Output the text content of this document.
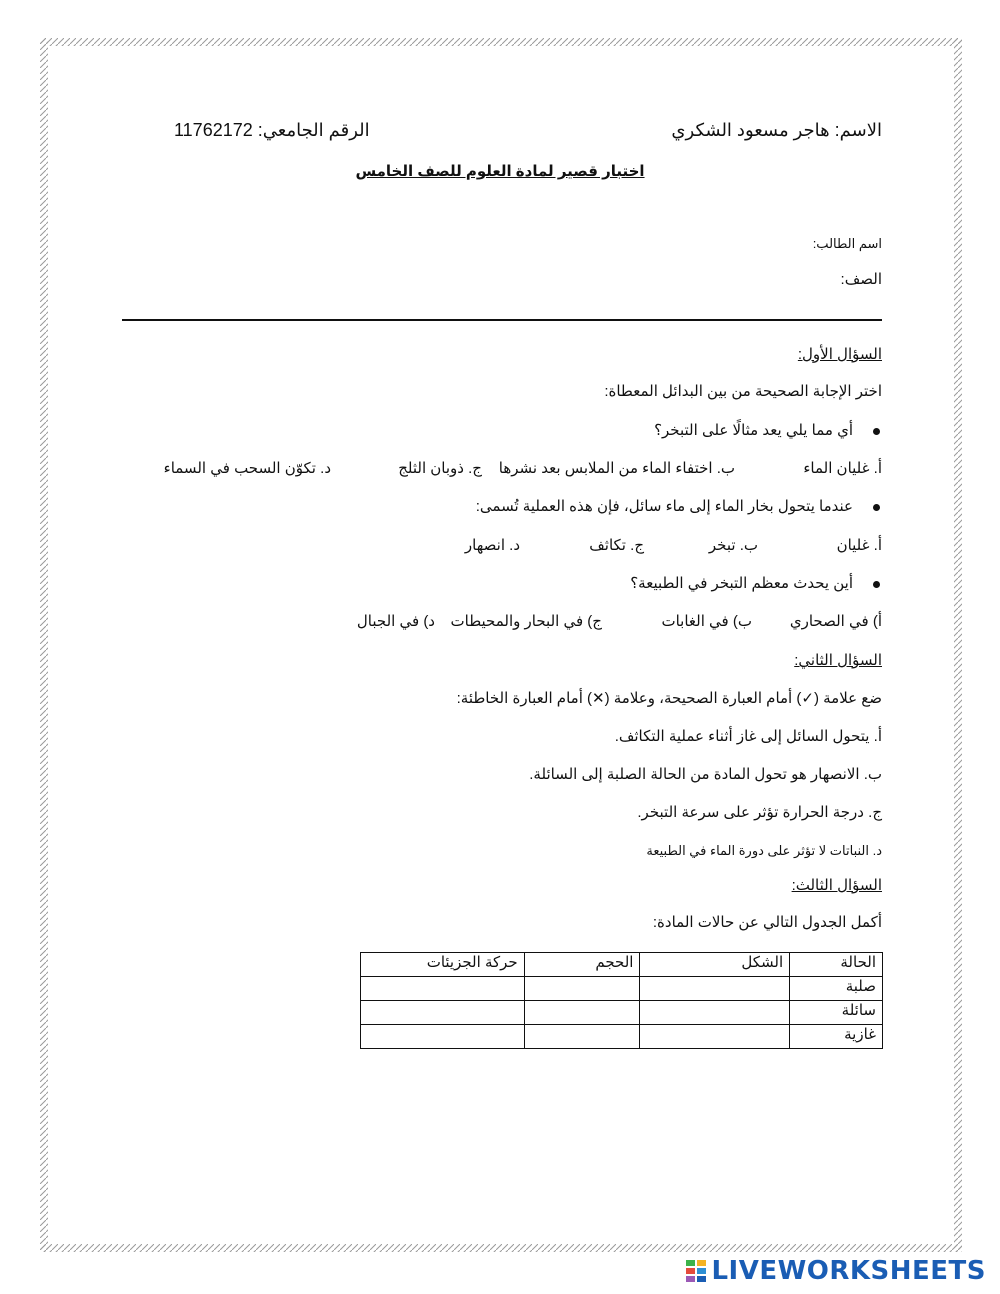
الاسم: هاجر مسعود الشكري
الرقم الجامعي: 11762172
اختبار قصير لمادة العلوم للصف الخامس
اسم الطالب:
الصف:
السؤال الأول:
اختر الإجابة الصحيحة من بين البدائل المعطاة:
أي مما يلي يعد مثالًا على التبخر؟
أ. غليان الماء
ب. اختفاء الماء من الملابس بعد نشرها
ج. ذوبان الثلج
د. تكوّن السحب في السماء
عندما يتحول بخار الماء إلى ماء سائل، فإن هذه العملية تُسمى:
أ. غليان
ب. تبخر
ج. تكاثف
د. انصهار
أين يحدث معظم التبخر في الطبيعة؟
أ) في الصحاري
ب) في الغابات
ج) في البحار والمحيطات
د) في الجبال
السؤال الثاني:
ضع علامة (✓) أمام العبارة الصحيحة، وعلامة (✕) أمام العبارة الخاطئة:
أ. يتحول السائل إلى غاز أثناء عملية التكاثف.
ب. الانصهار هو تحول المادة من الحالة الصلبة إلى السائلة.
ج. درجة الحرارة تؤثر على سرعة التبخر.
د. النباتات لا تؤثر على دورة الماء في الطبيعة
السؤال الثالث:
أكمل الجدول التالي عن حالات المادة:
الحالة	الشكل	الحجم	حركة الجزيئات
صلبة			
سائلة			
غازية			
LIVEWORKSHEETS
